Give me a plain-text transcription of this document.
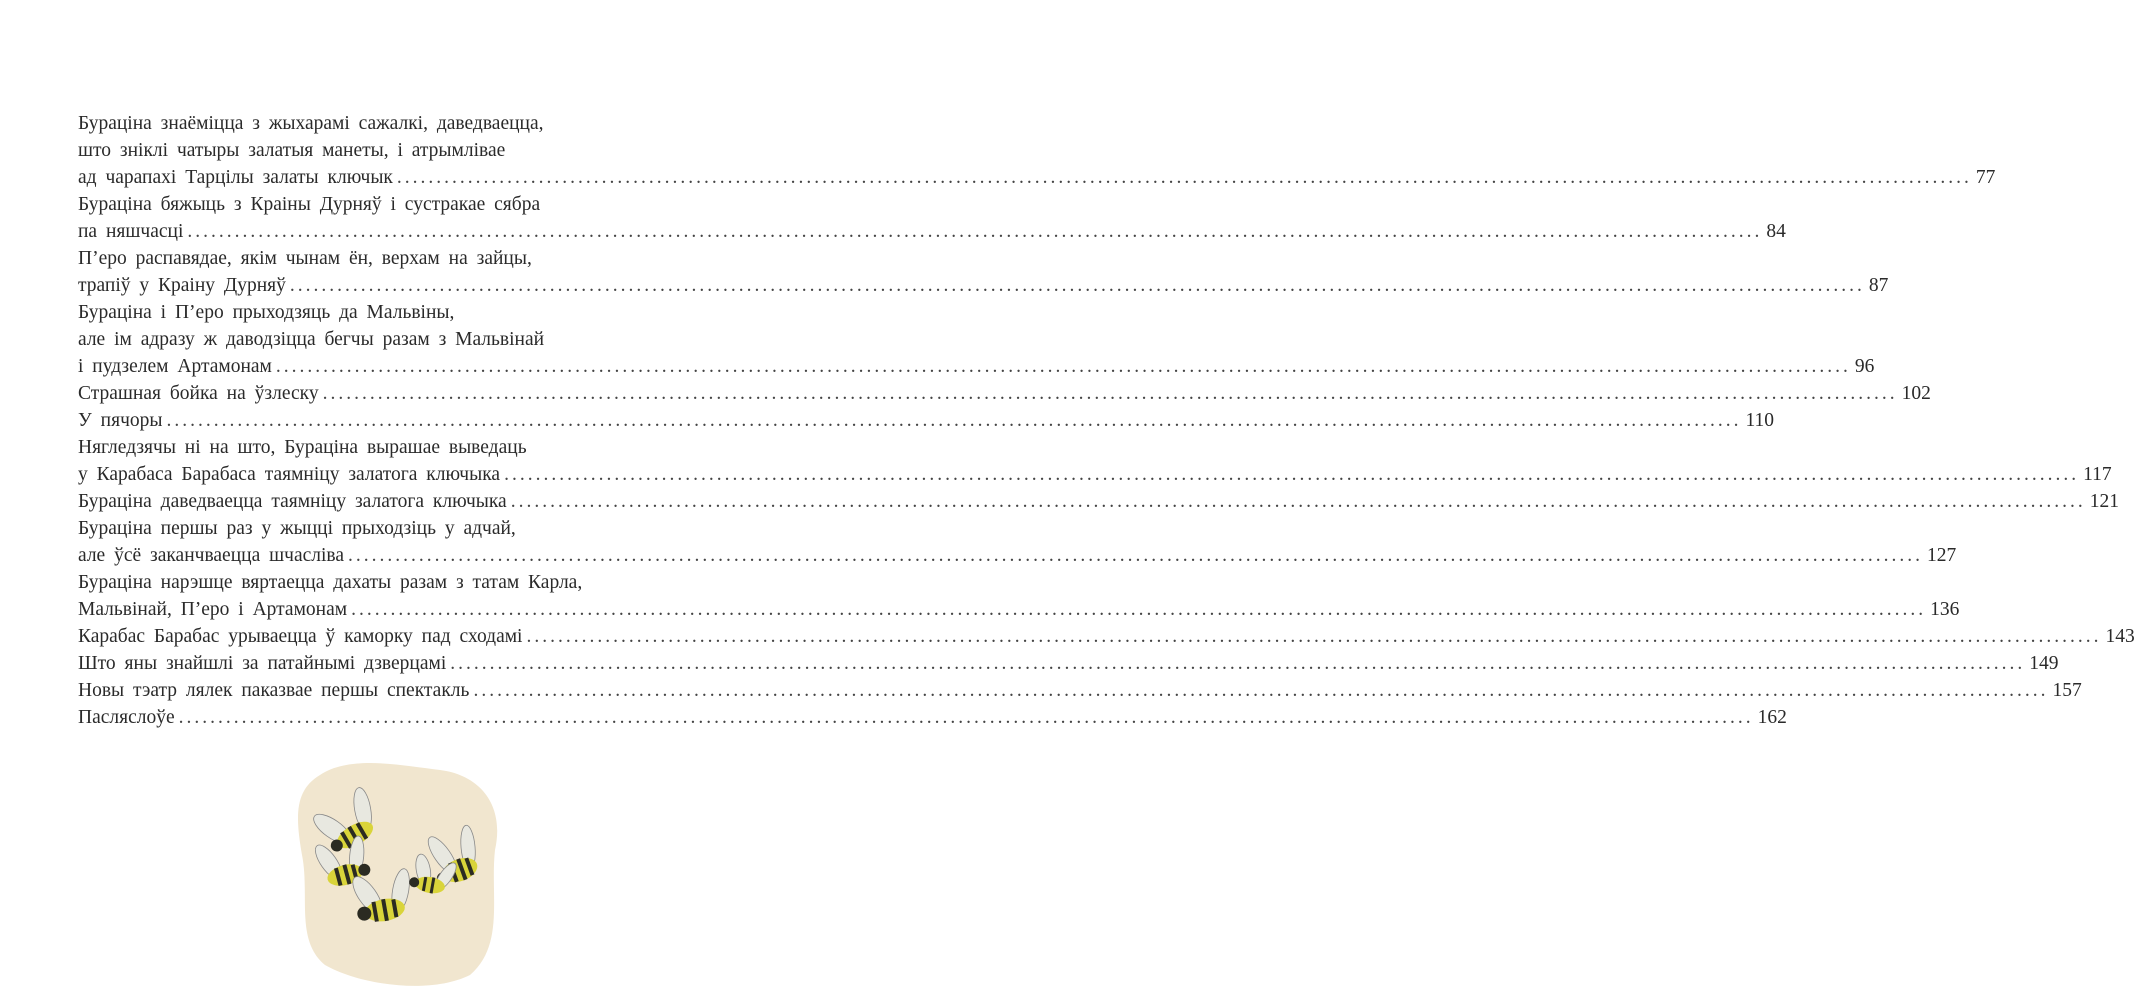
Бураціна знаёміцца з жыхарамі сажалкі, даведваецца,
што зніклі чатыры залатыя манеты, і атрымлівае
ад чарапахі Тарцілы залаты ключык ........................................................................................................................................................................................................ 77
Бураціна бяжыць з Краіны Дурняў і сустракае сябра
па няшчасці ........................................................................................................................................................................................................ 84
П’еро распавядае, якім чынам ён, верхам на зайцы,
трапіў у Краіну Дурняў ........................................................................................................................................................................................................ 87
Бураціна і П’еро прыходзяць да Мальвіны,
але ім адразу ж даводзіцца бегчы разам з Мальвінай
і пудзелем Артамонам ........................................................................................................................................................................................................ 96
Страшная бойка на ўзлеску ........................................................................................................................................................................................................ 102
У пячоры ........................................................................................................................................................................................................ 110
Нягледзячы ні на што, Бураціна вырашае выведаць
у Карабаса Барабаса таямніцу залатога ключыка ........................................................................................................................................................................................................ 117
Бураціна даведваецца таямніцу залатога ключыка ........................................................................................................................................................................................................ 121
Бураціна першы раз у жыцці прыходзіць у адчай,
але ўсё заканчваецца шчасліва ........................................................................................................................................................................................................ 127
Бураціна нарэшце вяртаецца дахаты разам з татам Карла,
Мальвінай, П’еро і Артамонам ........................................................................................................................................................................................................ 136
Карабас Барабас урываецца ў каморку пад сходамі ........................................................................................................................................................................................................ 143
Што яны знайшлі за патайнымі дзверцамі ........................................................................................................................................................................................................ 149
Новы тэатр лялек паказвае першы спектакль ........................................................................................................................................................................................................ 157
Пасляслоўе ........................................................................................................................................................................................................ 162
